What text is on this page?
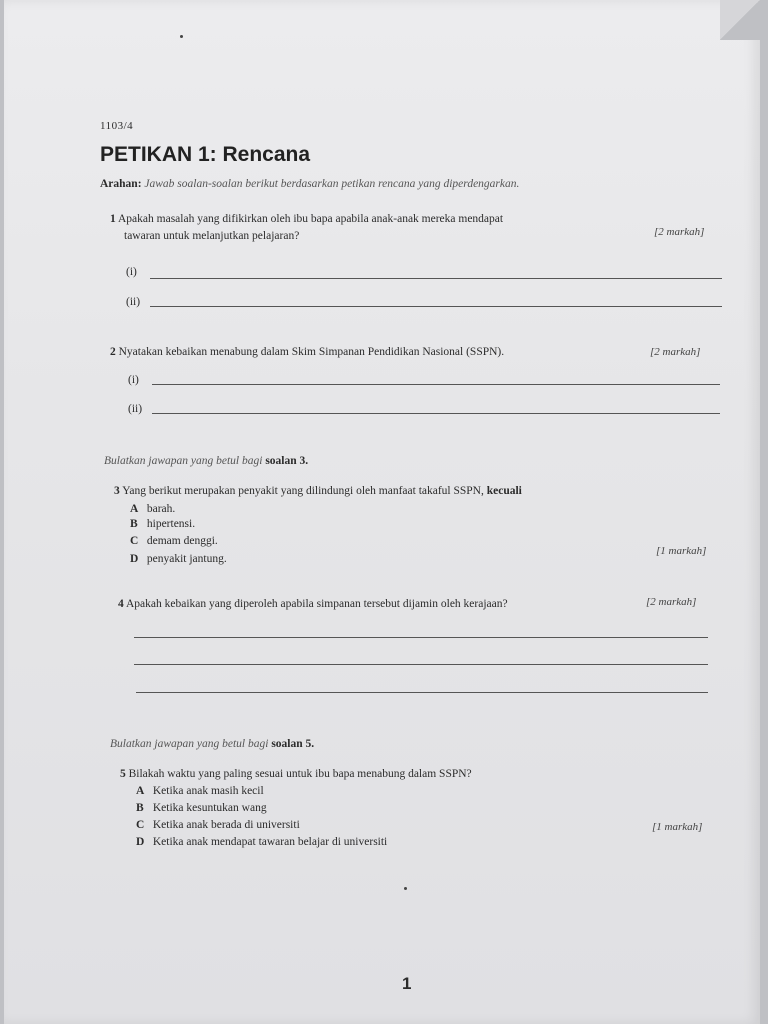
1103/4
PETIKAN 1: Rencana
Arahan: Jawab soalan-soalan berikut berdasarkan petikan rencana yang diperdengarkan.
1 Apakah masalah yang difikirkan oleh ibu bapa apabila anak-anak mereka mendapat
tawaran untuk melanjutkan pelajaran?	[2 markah]
(i)
(ii)
2 Nyatakan kebaikan menabung dalam Skim Simpanan Pendidikan Nasional (SSPN).	[2 markah]
(i)
(ii)
Bulatkan jawapan yang betul bagi soalan 3.
3 Yang berikut merupakan penyakit yang dilindungi oleh manfaat takaful SSPN, kecuali
A barah.
B hipertensi.
C demam denggi.
D penyakit jantung.
[1 markah]
4 Apakah kebaikan yang diperoleh apabila simpanan tersebut dijamin oleh kerajaan?	[2 markah]
Bulatkan jawapan yang betul bagi soalan 5.
5 Bilakah waktu yang paling sesuai untuk ibu bapa menabung dalam SSPN?
A Ketika anak masih kecil
B Ketika kesuntukan wang
C Ketika anak berada di universiti
D Ketika anak mendapat tawaran belajar di universiti
[1 markah]
1
